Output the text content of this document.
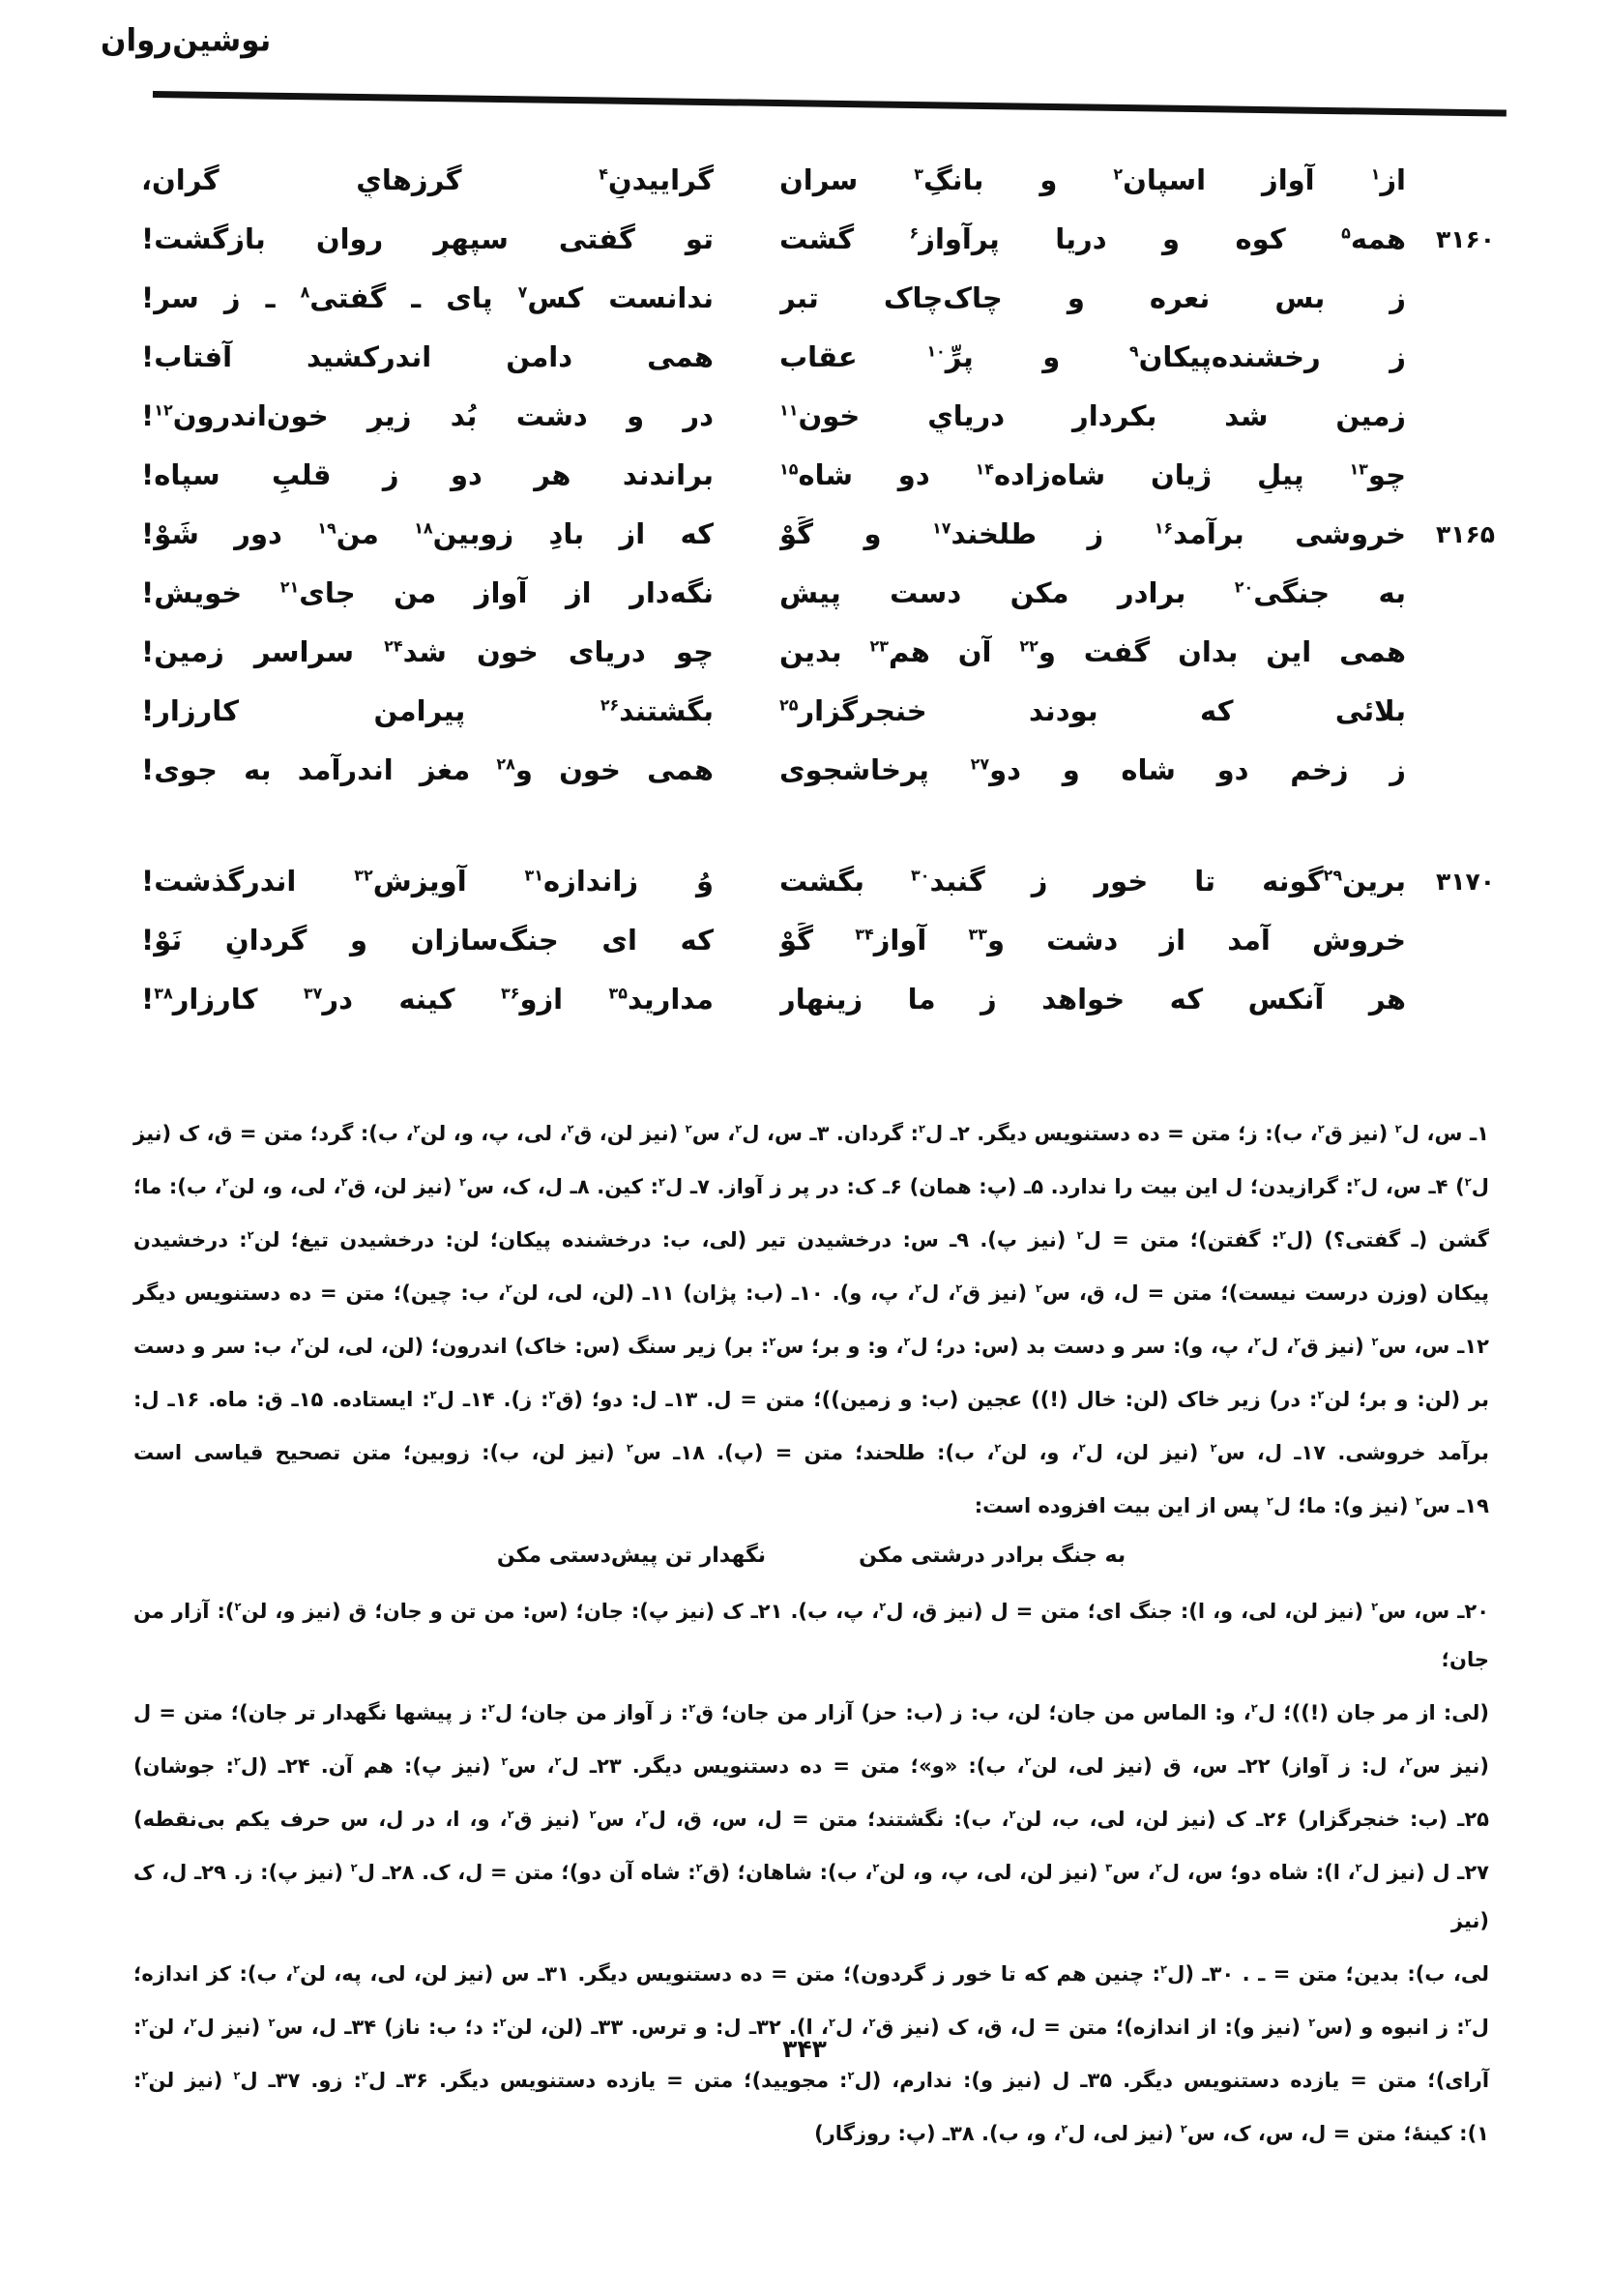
نوشین‌روان
از$^۱$ آوازِ اسپان$^۲$ و بانگِ$^۳$ سران
گراییدنِ$^۴$ گرزهايِ گران،
۳۱۶۰
همه$^۵$ کوه و دریا پرآواز$^۶$ گشت
تو گفتی سپهرِ روان بازگشت!
ز بس نعره و چاک‌چاک تبر
ندانست کس$^۷$ پای ـ گفتی$^۸$ ـ ز سر!
ز رخشنده‌پیکان$^۹$ و پرِّ$^{۱۰}$ عقاب
همی دامن اندرکشید آفتاب!
زمین شد بکردارِ دریايِ خون$^{۱۱}$
در و دشت بُد زیرِ خون‌اندرون$^{۱۲}$!
چو$^{۱۳}$ پیلِ ژیان شاه‌زاده$^{۱۴}$ دو شاه$^{۱۵}$
براندند هر دو ز قلبِ سپاه!
۳۱۶۵
خروشی برآمد$^{۱۶}$ ز طلخند$^{۱۷}$ و گَوْ
که از بادِ زوبینِ$^{۱۸}$ من$^{۱۹}$ دور شَوْ!
به جنگی$^{۲۰}$ برادر مکن دست پیش
نگه‌دار از آوازِ من جای$^{۲۱}$ خویش!
همی این بدان گفت و$^{۲۲}$ آن هم$^{۲۳}$ بدین
چو دریای خون شد$^{۲۴}$ سراسر زمین!
بلائی که بودند خنجرگزار$^{۲۵}$
بگشتند$^{۲۶}$ پیرامنِ کارزار!
ز زخم دو شاه و دو$^{۲۷}$ پرخاشجوی
همی خون و$^{۲۸}$ مغز اندرآمد به جوی!
۳۱۷۰
برین$^{۲۹}$گونه تا خور ز گنبد$^{۳۰}$ بگشت
وُ زاندازه$^{۳۱}$ آویزش$^{۳۲}$ اندرگذشت!
خروش آمد از دشت و$^{۳۳}$ آوازِ$^{۳۴}$ گَوْ
که ای جنگ‌سازان و گردانِ نَوْ!
هر آنکس که خواهد ز ما زینهار
مدارید$^{۳۵}$ ازو$^{۳۶}$ کینه در$^{۳۷}$ کارزار$^{۳۸}$!
۱ـ س، ل$^۲$ (نیز ق$^۲$، ب): ز؛ متن = ده دستنویس دیگر. ۲ـ ل$^۲$: گردان. ۳ـ س، ل$^۲$، س$^۲$ (نیز لن، ق$^۲$، لی، پ، و، لن$^۲$، ب): گرد؛ متن = ق، ک (نیز
ل$^۲$) ۴ـ س، ل$^۲$: گرازیدن؛ ل این بیت را ندارد. ۵ـ (پ: همان) ۶ـ ک: در پر ز آواز. ۷ـ ل$^۲$: کین. ۸ـ ل، ک، س$^۲$ (نیز لن، ق$^۲$، لی، و، لن$^۲$، ب): ما؛
گشن (ـ گفتی؟) (ل$^۲$: گفتن)؛ متن = ل$^۲$ (نیز پ). ۹ـ س: درخشیدن تیر (لی، ب: درخشنده پیکان؛ لن: درخشیدن تیغ؛ لن$^۲$: درخشیدن
پیکان (وزن درست نیست)؛ متن = ل، ق، س$^۲$ (نیز ق$^۲$، ل$^۲$، پ، و). ۱۰ـ (ب: پژان) ۱۱ـ (لن، لی، لن$^۲$، ب: چین)؛ متن = ده دستنویس دیگر
۱۲ـ س، س$^۲$ (نیز ق$^۲$، ل$^۲$، پ، و): سر و دست بد (س: در؛ ل$^۲$، و: و بر؛ س$^۲$: بر) زیر سنگ (س: خاک) اندرون؛ (لن، لی، لن$^۲$، ب: سر و دست
بر (لن: و بر؛ لن$^۲$: در) زیر خاک (لن: خال (!)) عجین (ب: و زمین))؛ متن = ل. ۱۳ـ ل: دو؛ (ق$^۲$: ز). ۱۴ـ ل$^۲$: ایستاده. ۱۵ـ ق: ماه. ۱۶ـ ل:
برآمد خروشی. ۱۷ـ ل، س$^۲$ (نیز لن، ل$^۲$، و، لن$^۲$، ب): طلحند؛ متن = (پ). ۱۸ـ س$^۲$ (نیز لن، ب): زوبین؛ متن تصحیح قیاسی است
۱۹ـ س$^۲$ (نیز و): ما؛ ل$^۲$ پس از این بیت افزوده است:
به جنگ برادر درشتی مکن
نگهدار تن پیش‌دستی مکن
۲۰ـ س، س$^۲$ (نیز لن، لی، و، ا): جنگ ای؛ متن = ل (نیز ق، ل$^۲$، پ، ب). ۲۱ـ ک (نیز پ): جان؛ (س: من تن و جان؛ ق (نیز و، لن$^۲$): آزار من جان؛
(لی: از مر جان (!))؛ ل$^۲$، و: الماس من جان؛ لن، ب: ز (ب: حز) آزار من جان؛ ق$^۲$: ز آواز من جان؛ ل$^۲$: ز پیشها نگهدار تر جان)؛ متن = ل
(نیز س$^۲$، ل: ز آواز) ۲۲ـ س، ق (نیز لی، لن$^۲$، ب): «و»؛ متن = ده دستنویس دیگر. ۲۳ـ ل$^۲$، س$^۲$ (نیز پ): هم آن. ۲۴ـ (ل$^۲$: جوشان)
۲۵ـ (ب: خنجرگزار) ۲۶ـ ک (نیز لن، لی، ب، لن$^۲$، ب): نگشتند؛ متن = ل، س، ق، ل$^۲$، س$^۲$ (نیز ق$^۲$، و، ا، در ل، س حرف یکم بی‌نقطه)
۲۷ـ ل (نیز ل$^۲$، ا): شاه دو؛ س، ل$^۲$، س$^۳$ (نیز لن، لی، پ، و، لن$^۲$، ب): شاهان؛ (ق$^۲$: شاه آن دو)؛ متن = ل، ک. ۲۸ـ ل$^۲$ (نیز پ): ز. ۲۹ـ ل، ک (نیز
لی، ب): بدین؛ متن = ـ . ۳۰ـ (ل$^۲$: چنین هم که تا خور ز گردون)؛ متن = ده دستنویس دیگر. ۳۱ـ س (نیز لن، لی، په، لن$^۲$، ب): کز اندازه؛
ل$^۲$: ز انبوه و (س$^۲$ (نیز و): از اندازه)؛ متن = ل، ق، ک (نیز ق$^۲$، ل$^۲$، ا). ۳۲ـ ل: و ترس. ۳۳ـ (لن، لن$^۲$: د؛ ب: ناز) ۳۴ـ ل، س$^۲$ (نیز ل$^۲$، لن$^۲$:
آرای)؛ متن = یازده دستنویس دیگر. ۳۵ـ ل (نیز و): ندارم، (ل$^۲$: مجویید)؛ متن = یازده دستنویس دیگر. ۳۶ـ ل$^۲$: زو. ۳۷ـ ل$^۲$ (نیز لن$^۲$:
۱): کینۀ؛ متن = ل، س، ک، س$^۲$ (نیز لی، ل$^۲$، و، ب). ۳۸ـ (پ: روزگار)
۳۴۳
